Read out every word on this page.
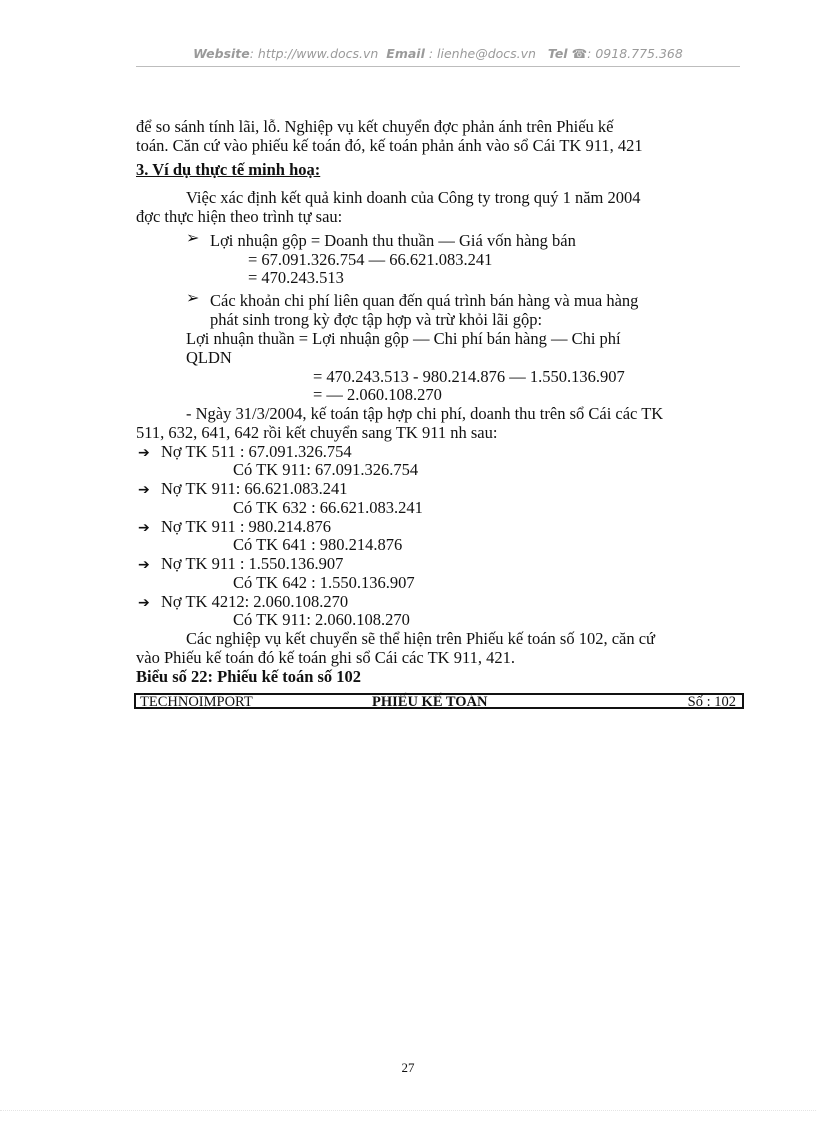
Website: http://www.docs.vn Email : lienhe@docs.vn Tel ☎: 0918.775.368
để so sánh tính lãi, lỗ. Nghiệp vụ kết chuyển đợc phản ánh trên Phiếu kế
toán. Căn cứ vào phiếu kế toán đó, kế toán phản ánh vào sổ Cái TK 911, 421
3. Ví dụ thực tế minh hoạ:
Việc xác định kết quả kinh doanh của Công ty trong quý 1 năm 2004
đợc thực hiện theo trình tự sau:
➢ Lợi nhuận gộp = Doanh thu thuần — Giá vốn hàng bán
= 67.091.326.754 — 66.621.083.241
= 470.243.513
➢ Các khoản chi phí liên quan đến quá trình bán hàng và mua hàng
phát sinh trong kỳ đợc tập hợp và trừ khỏi lãi gộp:
Lợi nhuận thuần = Lợi nhuận gộp — Chi phí bán hàng — Chi phí
QLDN
= 470.243.513 - 980.214.876 — 1.550.136.907
= — 2.060.108.270
- Ngày 31/3/2004, kế toán tập hợp chi phí, doanh thu trên sổ Cái các TK
511, 632, 641, 642 rồi kết chuyển sang TK 911 nh sau:
➔ Nợ TK 511 : 67.091.326.754
Có TK 911: 67.091.326.754
➔ Nợ TK 911: 66.621.083.241
Có TK 632 : 66.621.083.241
➔ Nợ TK 911 : 980.214.876
Có TK 641 : 980.214.876
➔ Nợ TK 911 : 1.550.136.907
Có TK 642 : 1.550.136.907
➔ Nợ TK 4212: 2.060.108.270
Có TK 911: 2.060.108.270
Các nghiệp vụ kết chuyển sẽ thể hiện trên Phiếu kế toán số 102, căn cứ
vào Phiếu kế toán đó kế toán ghi sổ Cái các TK 911, 421.
Biểu số 22: Phiếu kế toán số 102
TECHNOIMPORT	PHIẾU KẾ TOÁN	Số : 102
27
